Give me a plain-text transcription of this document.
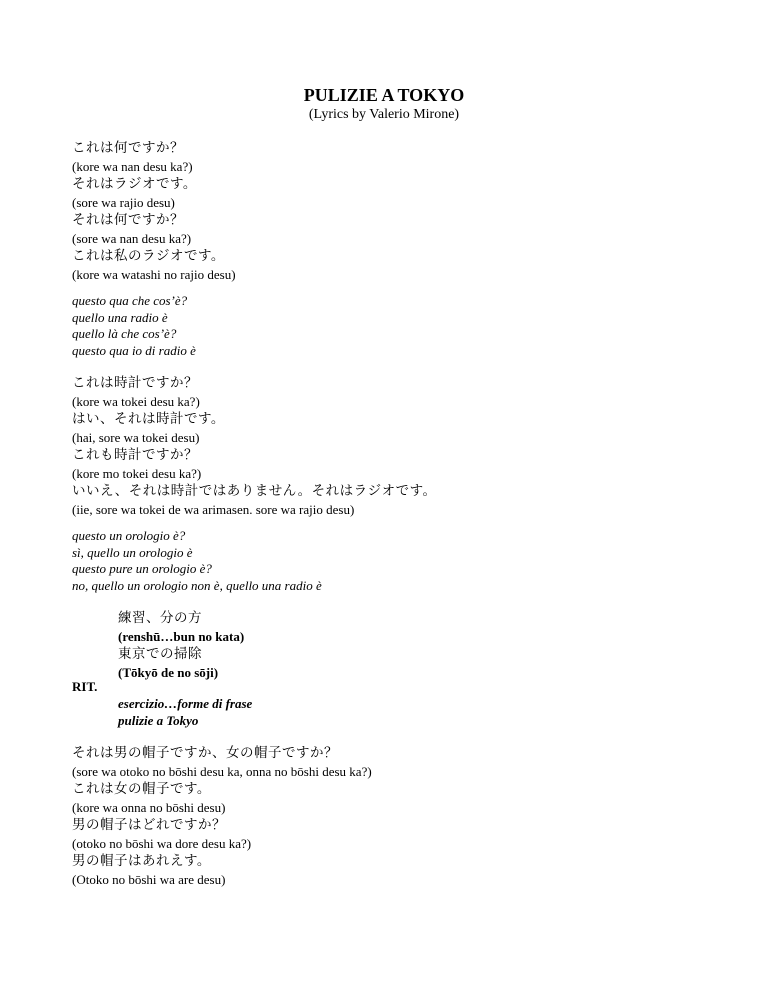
PULIZIE A TOKYO
(Lyrics by Valerio Mirone)
これは何ですか？
(kore wa nan desu ka?)
それはラジオです。
(sore wa rajio desu)
それは何ですか？
(sore wa nan desu ka?)
これは私のラジオです。
(kore wa watashi no rajio desu)
questo qua che cos’è?
quello una radio è
quello là che cos’è?
questo qua io di radio è
これは時計ですか？
(kore wa tokei desu ka?)
はい、それは時計です。
(hai, sore wa tokei desu)
これも時計ですか？
(kore mo tokei desu ka?)
いいえ、それは時計ではありません。それはラジオです。
(iie, sore wa tokei de wa arimasen. sore wa rajio desu)
questo un orologio è?
sì, quello un orologio è
questo pure un orologio è?
no, quello un orologio non è, quello una radio è
練習、分の方
(renshū…bun no kata)
東京での掃除
(Tōkyō de no sōji)
RIT.
esercizio…forme di frase
pulizie a Tokyo
それは男の帽子ですか、女の帽子ですか？
(sore wa otoko no bōshi desu ka, onna no bōshi desu ka?)
これは女の帽子です。
(kore wa onna no bōshi desu)
男の帽子はどれですか？
(otoko no bōshi wa dore desu ka?)
男の帽子はあれえす。
(Otoko no bōshi wa are desu)
